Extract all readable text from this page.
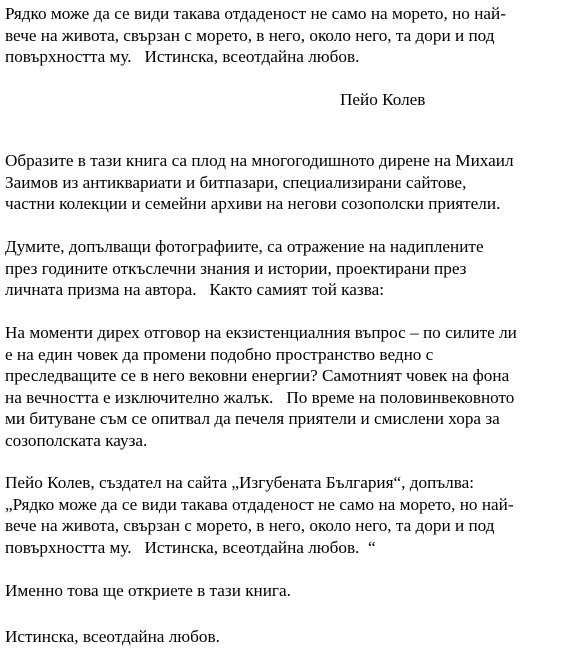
Рядко може да се види такава отдаденост не само на морето, но най-
вече на живота, свързан с морето, в него, около него, та дори и под
повърхността му.   Истинска, всеотдайна любов.
Пейо Колев
Образите в тази книга са плод на многогодишното дирене на Михаил
Заимов из антиквариати и битпазари, специализирани сайтове,
частни колекции и семейни архиви на негови созополски приятели.
Думите, допълващи фотографиите, са отражение на надиплените
през годините откъслечни знания и истории, проектирани през
личната призма на автора.   Както самият той казва:
На моменти дирех отговор на екзистенциалния въпрос – по силите ли
е на един човек да промени подобно пространство ведно с
преследващите се в него вековни енергии? Самотният човек на фона
на вечността е изключително жалък.   По време на половинвековното
ми битуване съм се опитвал да печеля приятели и смислени хора за
созополската кауза.
Пейо Колев, създател на сайта „Изгубената България“, допълва:
„Рядко може да се види такава отдаденост не само на морето, но най-
вече на живота, свързан с морето, в него, около него, та дори и под
повърхността му.   Истинска, всеотдайна любов.  “
Именно това ще откриете в тази книга.
Истинска, всеотдайна любов.
